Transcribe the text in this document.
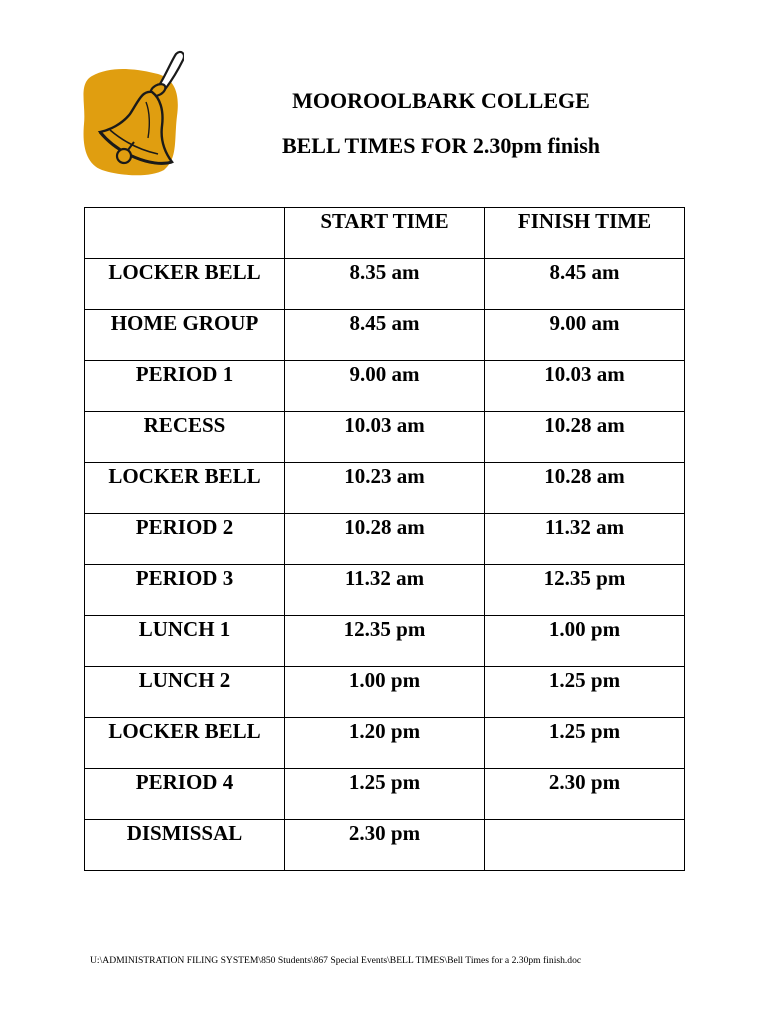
MOOROOLBARK COLLEGE
BELL TIMES FOR 2.30pm finish

	START TIME	FINISH TIME

LOCKER BELL	8.35 am	8.45 am

HOME GROUP	8.45 am	9.00 am

PERIOD 1	9.00 am	10.03 am

RECESS	10.03 am	10.28 am

LOCKER BELL	10.23 am	10.28 am

PERIOD 2	10.28 am	11.32 am

PERIOD 3	11.32 am	12.35 pm

LUNCH 1	12.35 pm	1.00 pm

LUNCH 2	1.00 pm	1.25 pm

LOCKER BELL	1.20 pm	1.25 pm

PERIOD 4	1.25 pm	2.30 pm

DISMISSAL	2.30 pm	

U:\ADMINISTRATION FILING SYSTEM\850 Students\867 Special Events\BELL TIMES\Bell Times for a 2.30pm finish.doc
